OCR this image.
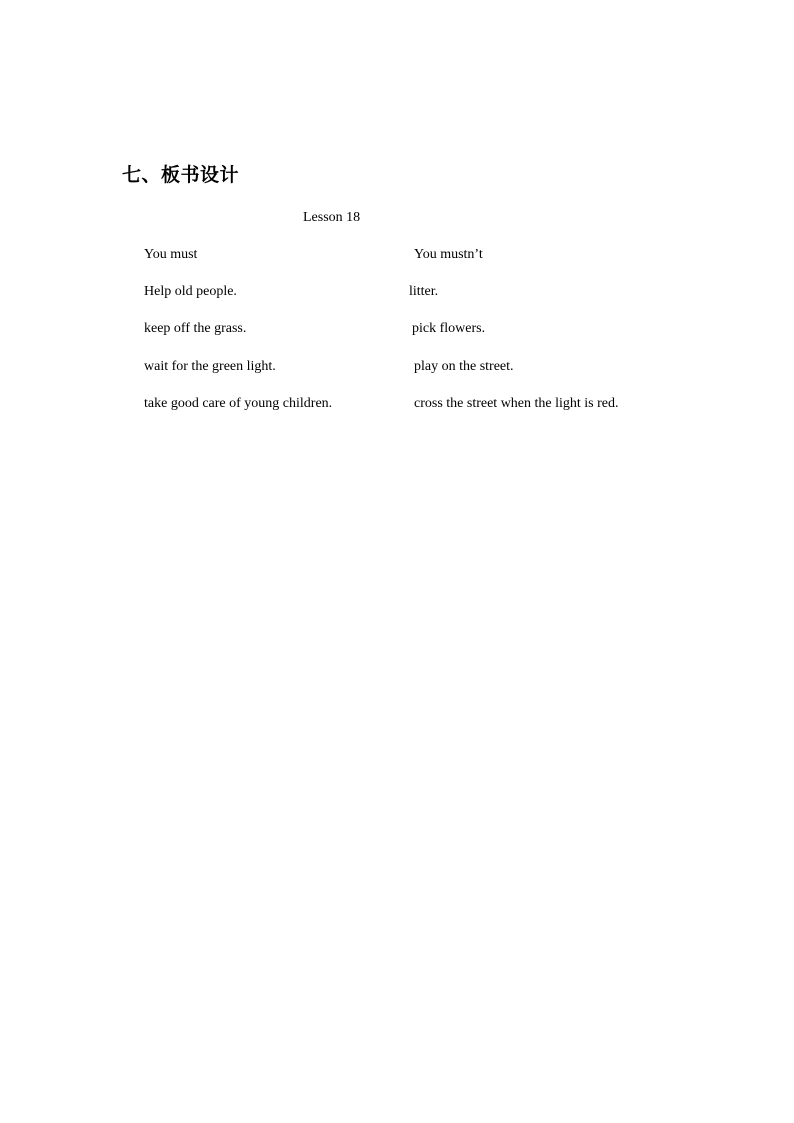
七、板书设计
Lesson 18
You must	You mustn’t
Help old people.	litter.
keep off the grass.	pick flowers.
wait for the green light.	play on the street.
take good care of young children.	cross the street when the light is red.
